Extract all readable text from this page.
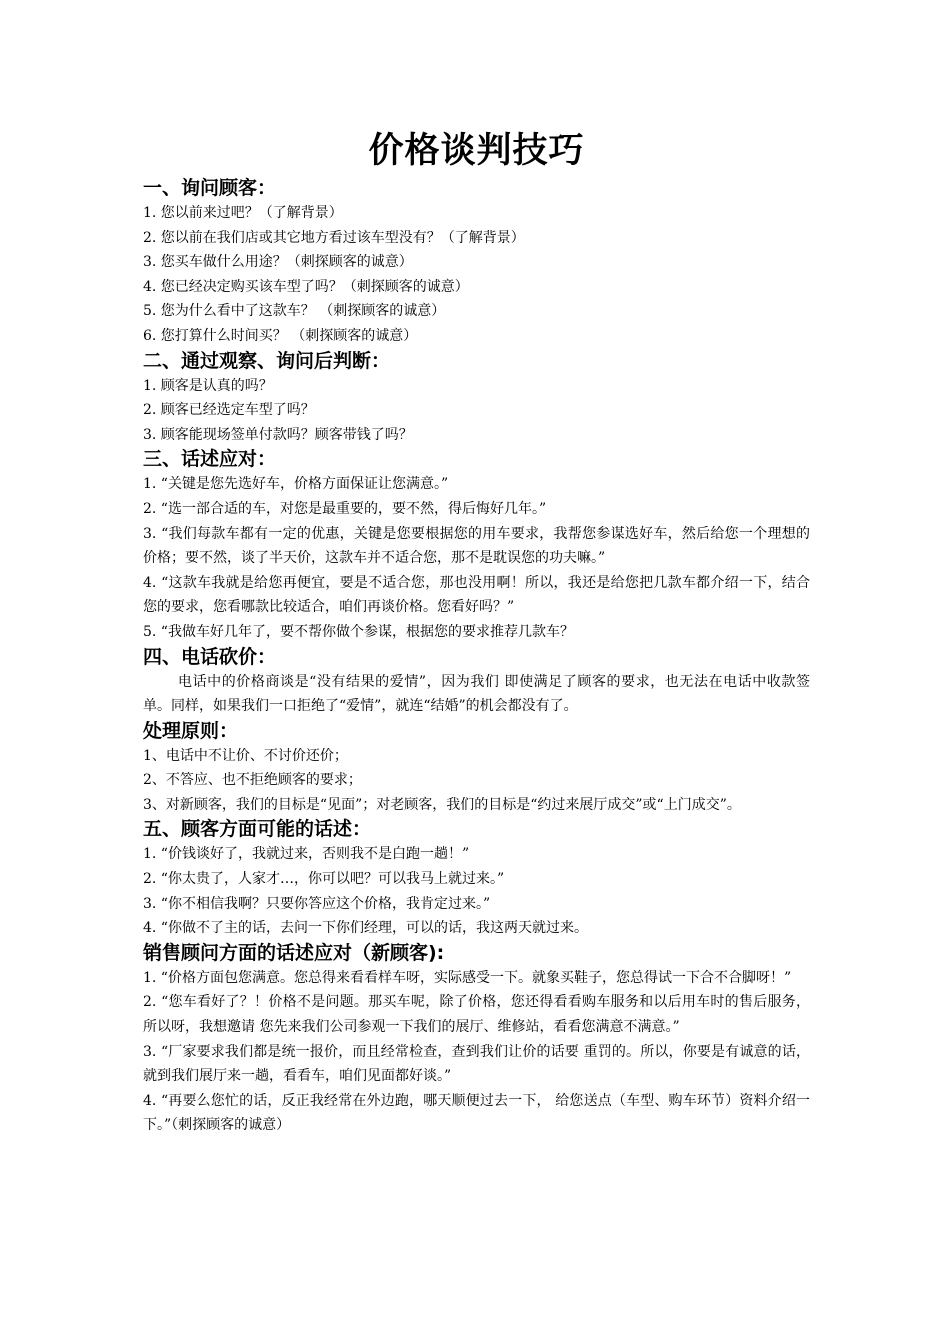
价格谈判技巧
一、询问顾客：

1. 您以前来过吧？（了解背景）

2. 您以前在我们店或其它地方看过该车型没有？（了解背景）

3. 您买车做什么用途？（刺探顾客的诚意）

4. 您已经决定购买该车型了吗？（刺探顾客的诚意）

5. 您为什么看中了这款车？ （刺探顾客的诚意）

6. 您打算什么时间买？ （刺探顾客的诚意）

二、通过观察、询问后判断：

1. 顾客是认真的吗？

2. 顾客已经选定车型了吗？

3. 顾客能现场签单付款吗？顾客带钱了吗？

三、话述应对：

1. “关键是您先选好车，价格方面保证让您满意。”

2. “选一部合适的车，对您是最重要的，要不然，得后悔好几年。”

3. “我们每款车都有一定的优惠，关键是您要根据您的用车要求，我帮您参谋选好车，然后给您一个理想的价格；要不然，谈了半天价，这款车并不适合您，那不是耽误您的功夫嘛。”

4. “这款车我就是给您再便宜，要是不适合您，那也没用啊！所以，我还是给您把几款车都介绍一下，结合您的要求，您看哪款比较适合，咱们再谈价格。您看好吗？”

5. “我做车好几年了，要不帮你做个参谋，根据您的要求推荐几款车？

四、电话砍价：

电话中的价格商谈是“没有结果的爱情”，因为我们 即使满足了顾客的要求，也无法在电话中收款签单。同样，如果我们一口拒绝了“爱情”，就连“结婚”的机会都没有了。

处理原则：

1、电话中不让价、不讨价还价；

2、不答应、也不拒绝顾客的要求；

3、对新顾客，我们的目标是“见面”；对老顾客，我们的目标是“约过来展厅成交”或“上门成交”。

五、顾客方面可能的话述：

1. “价钱谈好了，我就过来，否则我不是白跑一趟！”

2. “你太贵了，人家才…，你可以吧？可以我马上就过来。”

3. “你不相信我啊？只要你答应这个价格，我肯定过来。”

4. “你做不了主的话，去问一下你们经理，可以的话，我这两天就过来。

销售顾问方面的话述应对（新顾客):

1. “价格方面包您满意。您总得来看看样车呀，实际感受一下。就象买鞋子，您总得试一下合不合脚呀！”

2. “您车看好了？！价格不是问题。那买车呢，除了价格，您还得看看购车服务和以后用车时的售后服务，所以呀，我想邀请 您先来我们公司参观一下我们的展厅、维修站，看看您满意不满意。”

3. “厂家要求我们都是统一报价，而且经常检查，查到我们让价的话要 重罚的。所以，你要是有诚意的话，就到我们展厅来一趟，看看车，咱们见面都好谈。”

4. “再要么您忙的话，反正我经常在外边跑，哪天顺便过去一下， 给您送点（车型、购车环节）资料介绍一下。”（刺探顾客的诚意）
